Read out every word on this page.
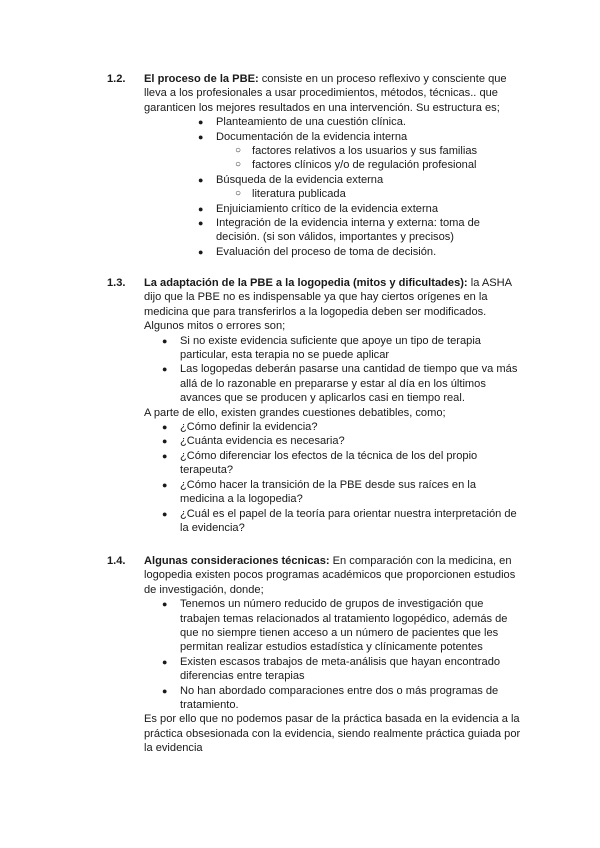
1.2.	El proceso de la PBE: consiste en un proceso reflexivo y consciente que lleva a los profesionales a usar procedimientos, métodos, técnicas.. que garanticen los mejores resultados en una intervención. Su estructura es;

● Planteamiento de una cuestión clínica.
● Documentación de la evidencia interna
○ factores relativos a los usuarios y sus familias
○ factores clínicos y/o de regulación profesional
● Búsqueda de la evidencia externa
○ literatura publicada
● Enjuiciamiento crítico de la evidencia externa
● Integración de la evidencia interna y externa: toma de decisión. (si son válidos, importantes y precisos)
● Evaluación del proceso de toma de decisión.

1.3.	La adaptación de la PBE a la logopedia (mitos y dificultades): la ASHA dijo que la PBE no es indispensable ya que hay ciertos orígenes en la medicina que para transferirlos a la logopedia deben ser modificados. Algunos mitos o errores son;

● Si no existe evidencia suficiente que apoye un tipo de terapia particular, esta terapia no se puede aplicar
● Las logopedas deberán pasarse una cantidad de tiempo que va más allá de lo razonable en prepararse y estar al día en los últimos avances que se producen y aplicarlos casi en tiempo real.

A parte de ello, existen grandes cuestiones debatibles, como;

● ¿Cómo definir la evidencia?
● ¿Cuánta evidencia es necesaria?
● ¿Cómo diferenciar los efectos de la técnica de los del propio terapeuta?
● ¿Cómo hacer la transición de la PBE desde sus raíces en la medicina a la logopedia?
● ¿Cuál es el papel de la teoría para orientar nuestra interpretación de la evidencia?

1.4.	Algunas consideraciones técnicas: En comparación con la medicina, en logopedia existen pocos programas académicos que proporcionen estudios de investigación, donde;

● Tenemos un número reducido de grupos de investigación que trabajen temas relacionados al tratamiento logopédico, además de que no siempre tienen acceso a un número de pacientes que les permitan realizar estudios estadística y clínicamente potentes
● Existen escasos trabajos de meta-análisis que hayan encontrado diferencias entre terapias
● No han abordado comparaciones entre dos o más programas de tratamiento.

Es por ello que no podemos pasar de la práctica basada en la evidencia a la práctica obsesionada con la evidencia, siendo realmente práctica guiada por la evidencia
